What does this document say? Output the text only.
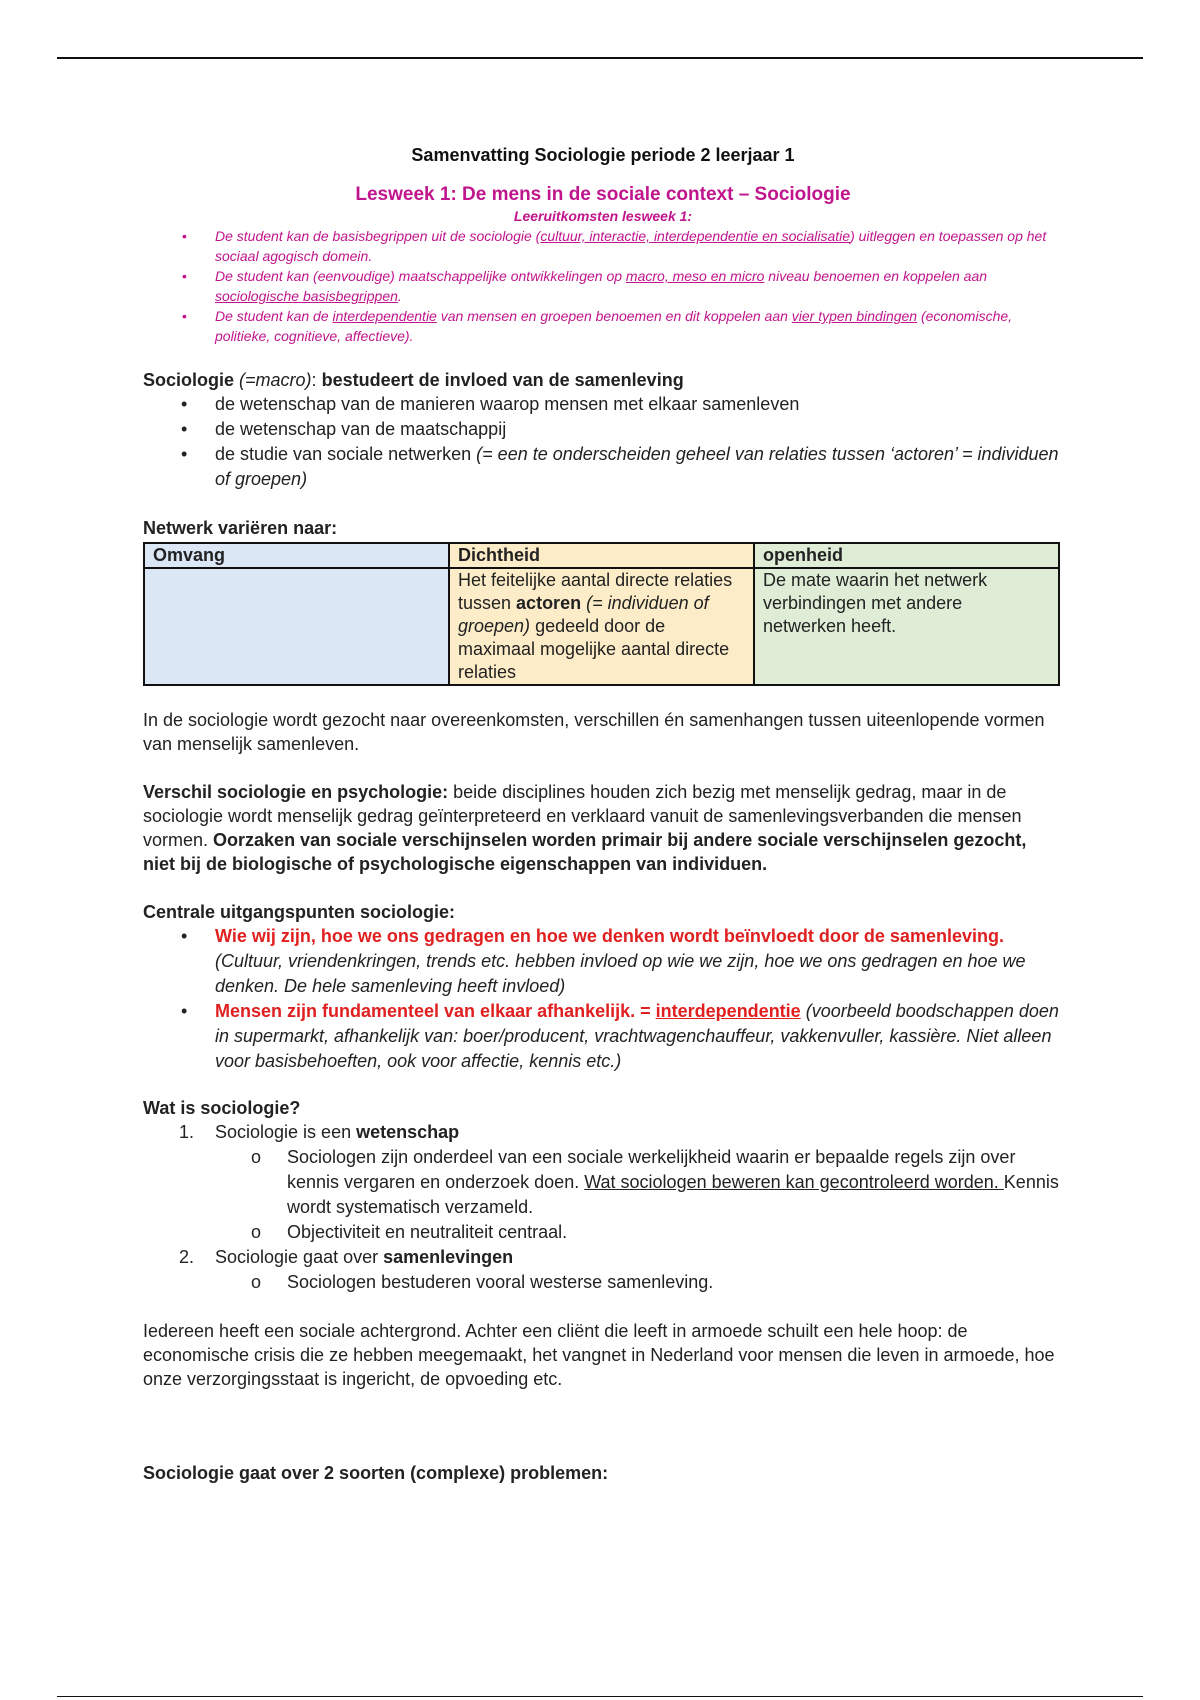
Samenvatting Sociologie periode 2 leerjaar 1

Lesweek 1: De mens in de sociale context – Sociologie

Leeruitkomsten lesweek 1:

• De student kan de basisbegrippen uit de sociologie (cultuur, interactie, interdependentie en socialisatie) uitleggen en toepassen op het sociaal agogisch domein.
• De student kan (eenvoudige) maatschappelijke ontwikkelingen op macro, meso en micro niveau benoemen en koppelen aan sociologische basisbegrippen.
• De student kan de interdependentie van mensen en groepen benoemen en dit koppelen aan vier typen bindingen (economische, politieke, cognitieve, affectieve).

Sociologie (=macro): bestudeert de invloed van de samenleving

• de wetenschap van de manieren waarop mensen met elkaar samenleven
• de wetenschap van de maatschappij
• de studie van sociale netwerken (= een te onderscheiden geheel van relaties tussen ‘actoren’ = individuen of groepen)

Netwerk variëren naar:

Omvang	Dichtheid	openheid
	Het feitelijke aantal directe relaties tussen actoren (= individuen of groepen) gedeeld door de maximaal mogelijke aantal directe relaties	De mate waarin het netwerk verbindingen met andere netwerken heeft.

In de sociologie wordt gezocht naar overeenkomsten, verschillen én samenhangen tussen uiteenlopende vormen van menselijk samenleven.

Verschil sociologie en psychologie: beide disciplines houden zich bezig met menselijk gedrag, maar in de sociologie wordt menselijk gedrag geïnterpreteerd en verklaard vanuit de samenlevingsverbanden die mensen vormen. Oorzaken van sociale verschijnselen worden primair bij andere sociale verschijnselen gezocht, niet bij de biologische of psychologische eigenschappen van individuen.

Centrale uitgangspunten sociologie:

• Wie wij zijn, hoe we ons gedragen en hoe we denken wordt beïnvloedt door de samenleving. (Cultuur, vriendenkringen, trends etc. hebben invloed op wie we zijn, hoe we ons gedragen en hoe we denken. De hele samenleving heeft invloed)
• Mensen zijn fundamenteel van elkaar afhankelijk. = interdependentie (voorbeeld boodschappen doen in supermarkt, afhankelijk van: boer/producent, vrachtwagenchauffeur, vakkenvuller, kassière. Niet alleen voor basisbehoeften, ook voor affectie, kennis etc.)

Wat is sociologie?

1. Sociologie is een wetenschap
o Sociologen zijn onderdeel van een sociale werkelijkheid waarin er bepaalde regels zijn over kennis vergaren en onderzoek doen. Wat sociologen beweren kan gecontroleerd worden. Kennis wordt systematisch verzameld.
o Objectiviteit en neutraliteit centraal.
2. Sociologie gaat over samenlevingen
o Sociologen bestuderen vooral westerse samenleving.

Iedereen heeft een sociale achtergrond. Achter een cliënt die leeft in armoede schuilt een hele hoop: de economische crisis die ze hebben meegemaakt, het vangnet in Nederland voor mensen die leven in armoede, hoe onze verzorgingsstaat is ingericht, de opvoeding etc.

Sociologie gaat over 2 soorten (complexe) problemen:
